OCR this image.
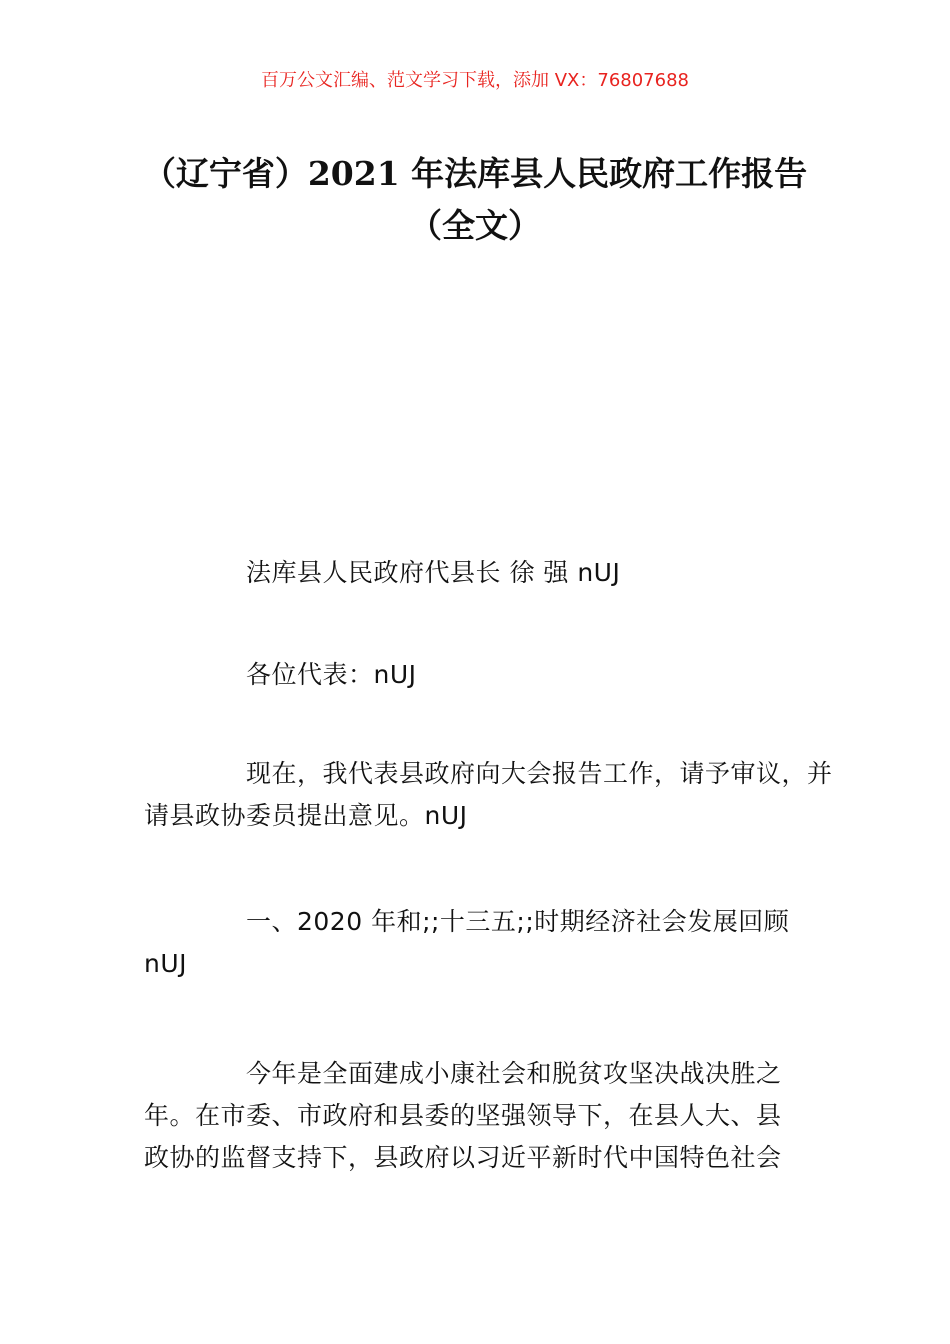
百万公文汇编、范文学习下载，添加 VX：76807688
（辽宁省）2021 年法库县人民政府工作报告（全文）

法库县人民政府代县长 徐 强 nUJ

各位代表：nUJ

现在，我代表县政府向大会报告工作，请予审议，并请县政协委员提出意见。nUJ

一、2020 年和;;十三五;;时期经济社会发展回顾 nUJ

今年是全面建成小康社会和脱贫攻坚决战决胜之
年。在市委、市政府和县委的坚强领导下，在县人大、县
政协的监督支持下，县政府以习近平新时代中国特色社会
